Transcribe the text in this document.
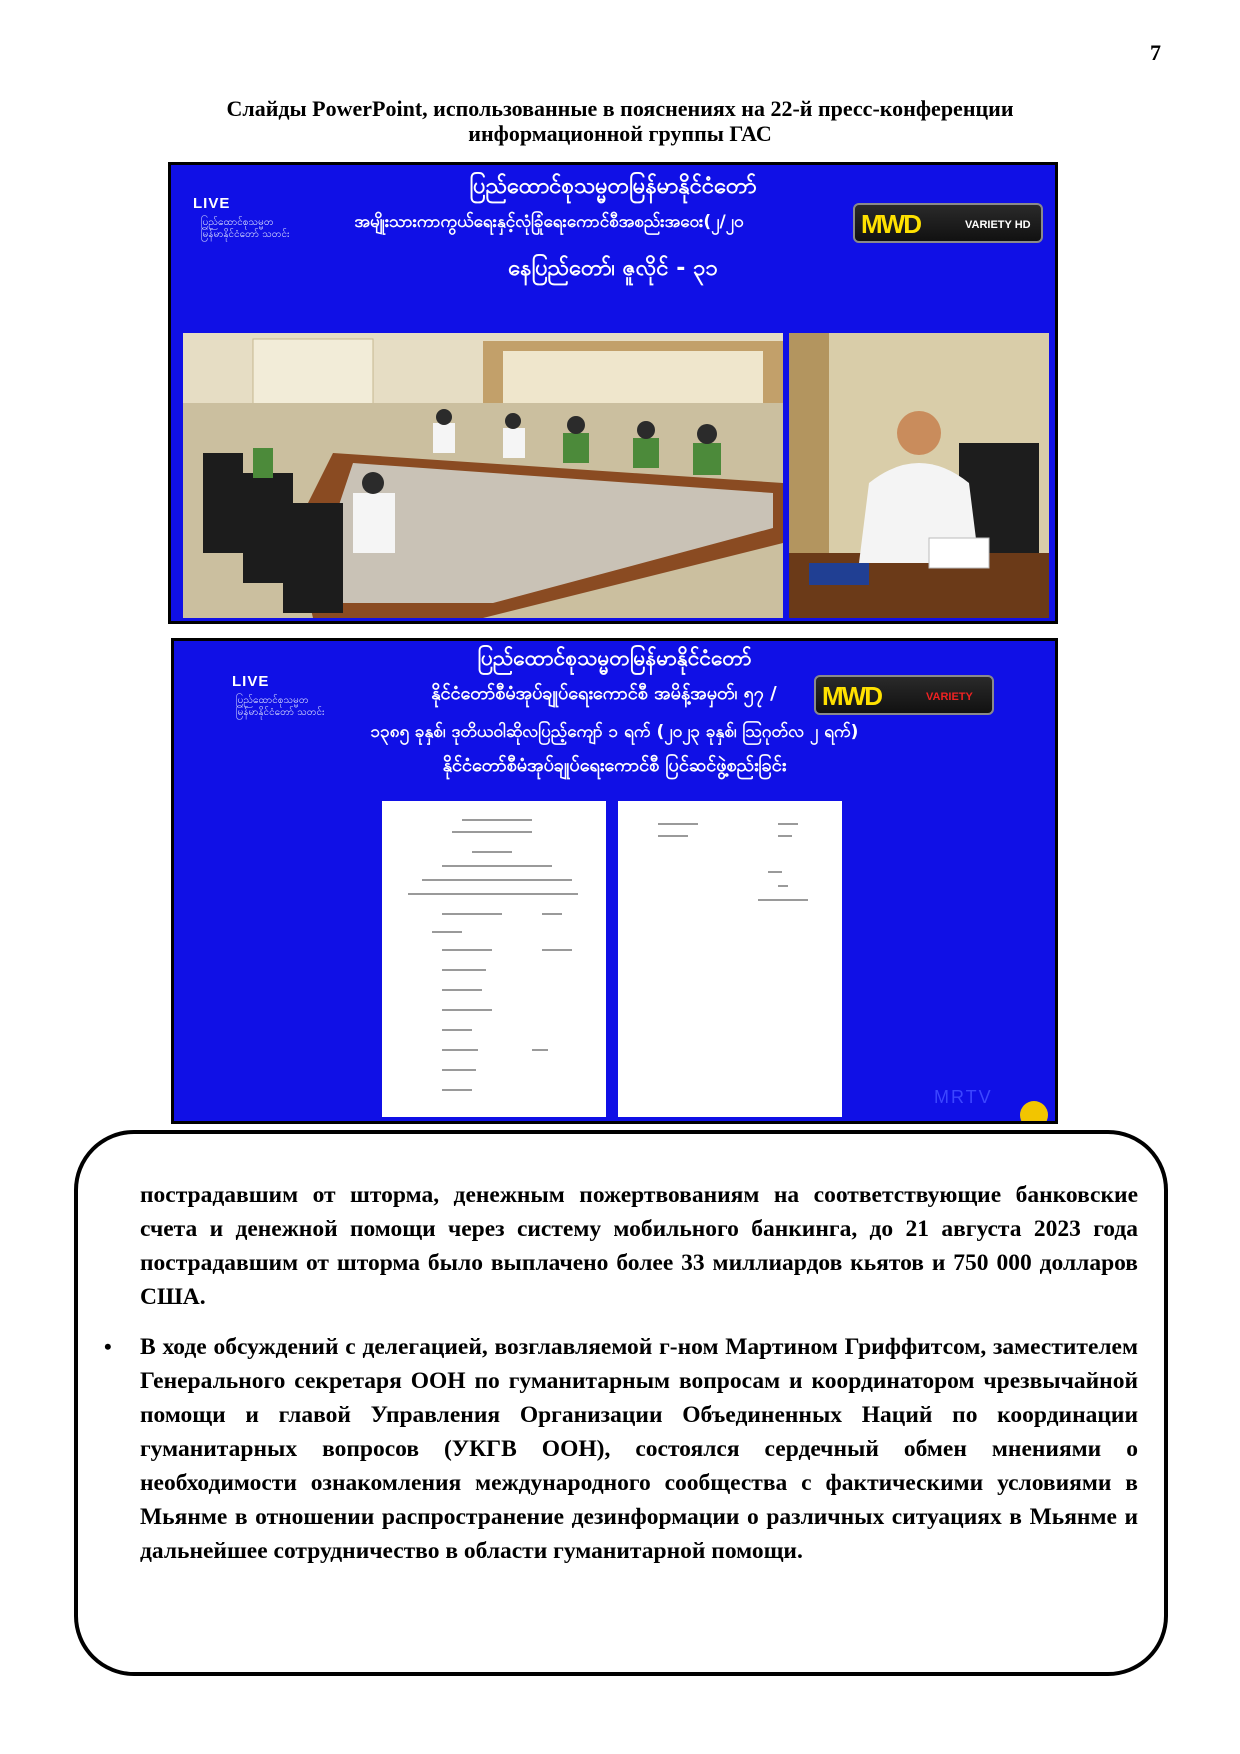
7
Слайды PowerPoint, использованные в пояснениях на 22-й пресс-конференции
информационной группы ГАС
ပြည်ထောင်စုသမ္မတမြန်မာနိုင်ငံတော်
LIVE
ပြည်ထောင်စုသမ္မတမြန်မာနိုင်ငံတော် သတင်း
အမျိုးသားကာကွယ်ရေးနှင့်လုံခြုံရေးကောင်စီအစည်းအဝေး(၂/၂၀
နေပြည်တော်၊ ဇူလိုင် - ၃၁
MWD	VARIETY HD
ပြည်ထောင်စုသမ္မတမြန်မာနိုင်ငံတော်
LIVE
ပြည်ထောင်စုသမ္မတမြန်မာနိုင်ငံတော် သတင်း
နိုင်ငံတော်စီမံအုပ်ချုပ်ရေးကောင်စီ အမိန့်အမှတ်၊ ၅၇ /
၁၃၈၅ ခုနှစ်၊ ဒုတိယဝါဆိုလပြည့်ကျော် ၁ ရက် (၂၀၂၃ ခုနှစ်၊ ဩဂုတ်လ ၂ ရက်)
နိုင်ငံတော်စီမံအုပ်ချုပ်ရေးကောင်စီ ပြင်ဆင်ဖွဲ့စည်းခြင်း
MWD	VARIETY
MRTV
пострадавшим от шторма, денежным пожертвованиям на соответствующие банковские счета и денежной помощи через систему мобильного банкинга, до 21 августа 2023 года пострадавшим от шторма было выплачено более 33 миллиардов кьятов и 750 000 долларов США.
• В ходе обсуждений с делегацией, возглавляемой г-ном Мартином Гриффитсом, заместителем Генерального секретаря ООН по гуманитарным вопросам и координатором чрезвычайной помощи и главой Управления Организации Объединенных Наций по координации гуманитарных вопросов (УКГВ ООН), состоялся сердечный обмен мнениями о необходимости ознакомления международного сообщества с фактическими условиями в Мьянме в отношении распространение дезинформации о различных ситуациях в Мьянме и дальнейшее сотрудничество в области гуманитарной помощи.
